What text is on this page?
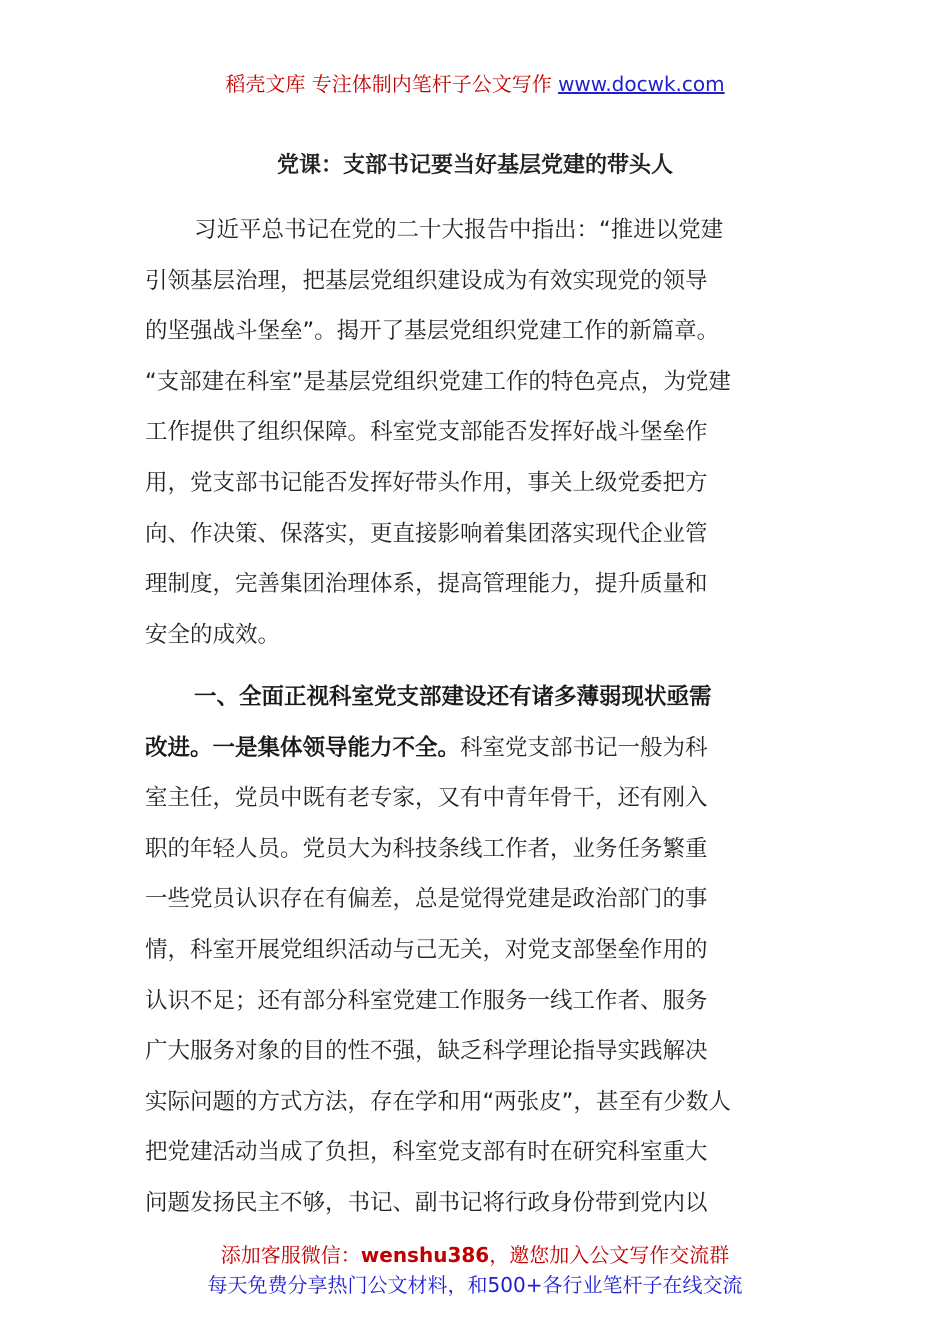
稻壳文库 专注体制内笔杆子公文写作 www.docwk.com
党课：支部书记要当好基层党建的带头人
习近平总书记在党的二十大报告中指出：“推进以党建
引领基层治理，把基层党组织建设成为有效实现党的领导
的坚强战斗堡垒”。揭开了基层党组织党建工作的新篇章。
“支部建在科室”是基层党组织党建工作的特色亮点，为党建
工作提供了组织保障。科室党支部能否发挥好战斗堡垒作
用，党支部书记能否发挥好带头作用，事关上级党委把方
向、作决策、保落实，更直接影响着集团落实现代企业管
理制度，完善集团治理体系，提高管理能力，提升质量和
安全的成效。
一、全面正视科室党支部建设还有诸多薄弱现状亟需
改进。一是集体领导能力不全。科室党支部书记一般为科
室主任，党员中既有老专家，又有中青年骨干，还有刚入
职的年轻人员。党员大为科技条线工作者，业务任务繁重
一些党员认识存在有偏差，总是觉得党建是政治部门的事
情，科室开展党组织活动与己无关，对党支部堡垒作用的
认识不足；还有部分科室党建工作服务一线工作者、服务
广大服务对象的目的性不强，缺乏科学理论指导实践解决
实际问题的方式方法，存在学和用“两张皮”，甚至有少数人
把党建活动当成了负担，科室党支部有时在研究科室重大
问题发扬民主不够，书记、副书记将行政身份带到党内以
添加客服微信：wenshu386，邀您加入公文写作交流群
每天免费分享热门公文材料，和500+各行业笔杆子在线交流
